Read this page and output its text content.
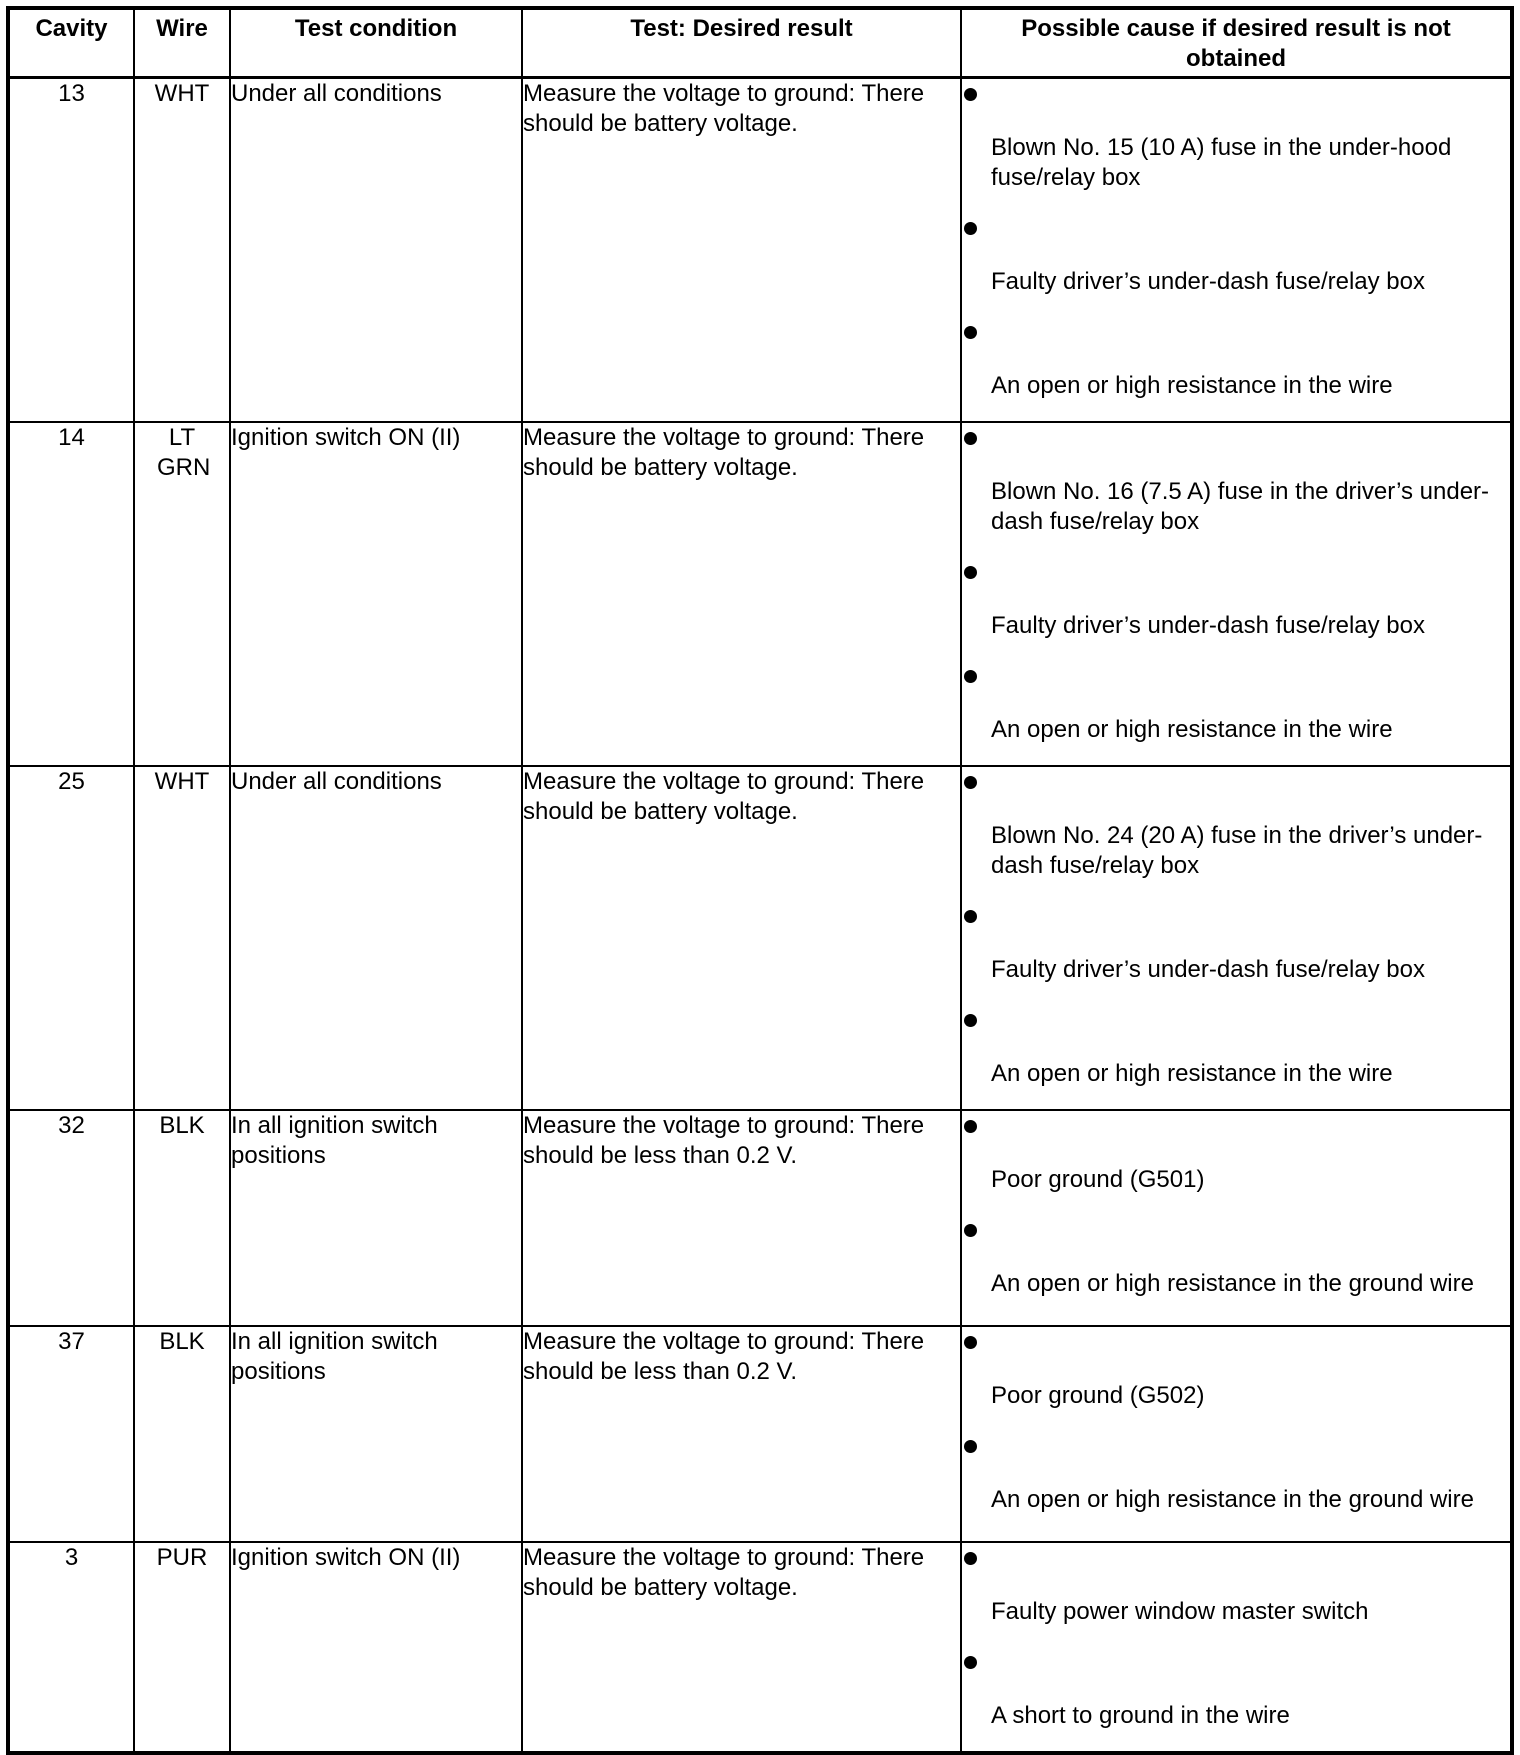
Cavity	Wire	Test condition	Test: Desired result	Possible cause if desired result is not obtained
13	WHT	Under all conditions	Measure the voltage to ground: There should be battery voltage.	Blown No. 15 (10 A) fuse in the under-hood fuse/relay box
Faulty driver’s under-dash fuse/relay box
An open or high resistance in the wire

14	LT GRN	Ignition switch ON (II)	Measure the voltage to ground: There should be battery voltage.	Blown No. 16 (7.5 A) fuse in the driver’s under-dash fuse/relay box
Faulty driver’s under-dash fuse/relay box
An open or high resistance in the wire

25	WHT	Under all conditions	Measure the voltage to ground: There should be battery voltage.	Blown No. 24 (20 A) fuse in the driver’s under-dash fuse/relay box
Faulty driver’s under-dash fuse/relay box
An open or high resistance in the wire

32	BLK	In all ignition switch positions	Measure the voltage to ground: There should be less than 0.2 V.	Poor ground (G501)
An open or high resistance in the ground wire

37	BLK	In all ignition switch positions	Measure the voltage to ground: There should be less than 0.2 V.	Poor ground (G502)
An open or high resistance in the ground wire

3	PUR	Ignition switch ON (II)	Measure the voltage to ground: There should be battery voltage.	Faulty power window master switch
A short to ground in the wire
